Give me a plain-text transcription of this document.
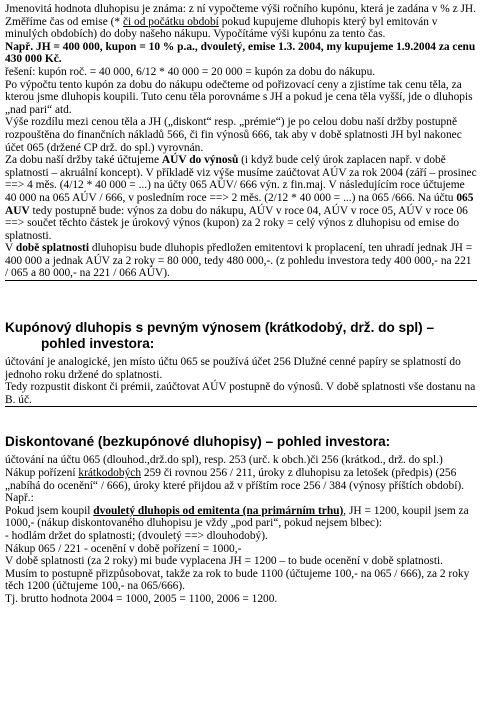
Jmenovitá hodnota dluhopisu je známa: z ní vypočteme výši ročního kupónu, která je zadána v % z JH. Změříme čas od emise (* či od počátku období pokud kupujeme dluhopis který byl emitován v minulých obdobích) do doby našeho nákupu. Vypočítáme výši kupónu za tento čas.

Např. JH = 400 000, kupon = 10 % p.a., dvouletý, emise 1.3. 2004, my kupujeme 1.9.2004 za cenu 430 000 Kč.

řešení: kupón roč. = 40 000, 6/12 * 40 000 = 20 000 = kupón za dobu do nákupu.

Po výpočtu tento kupón za dobu do nákupu odečteme od pořizovací ceny a zjistíme tak cenu těla, za kterou jsme dluhopis koupili. Tuto cenu těla porovnáme s JH a pokud je cena těla vyšší, jde o dluhopis „nad pari“ atd.

Výše rozdílu mezi cenou těla a JH („diskont“ resp. „prémie“) je po celou dobu naší držby postupně rozpouštěna do finančních nákladů 566, či fin výnosů 666, tak aby v době splatnosti JH byl nakonec účet 065 (držené CP drž. do spl.) vyrovnán.

Za dobu naší držby také účtujeme AÚV do výnosů (i když bude celý úrok zaplacen např. v době splatnosti – akruální koncept). V příkladě viz výše musíme zaúčtovat AÚV za rok 2004 (září – prosinec ==> 4 měs. (4/12 * 40 000 = ...) na účty 065 AÚV/ 666 výn. z fin.maj. V následujícím roce účtujeme 40 000 na 065 AÚV / 666, v posledním roce ==> 2 měs. (2/12 * 40 000 = ...) na 065 /666. Na účtu 065 AUV tedy postupně bude: výnos za dobu do nákupu, AÚV v roce 04, AÚV v roce 05, AÚV v roce 06 ==> součet těchto částek je úrokový výnos (kupon) za 2 roky = celý výnos z dluhopisu od emise do splatnosti.

V době splatnosti dluhopisu bude dluhopis předložen emitentovi k proplacení, ten uhradí jednak JH = 400 000 a jednak AÚV za 2 roky = 80 000, tedy 480 000,-. (z pohledu investora tedy 400 000,- na 221 / 065 a 80 000,- na 221 / 066 AÚV).

Kupónový dluhopis s pevným výnosem (krátkodobý, drž. do spl) –
pohled investora:

účtování je analogické, jen místo účtu 065 se používá účet 256 Dlužné cenné papíry se splatností do jednoho roku držené do splatnosti.

Tedy rozpustit diskont či prémii, zaúčtovat AÚV postupně do výnosů. V době splatnosti vše dostanu na B. úč.

Diskontované (bezkupónové dluhopisy) – pohled investora:

účtování na účtu 065 (dlouhod.,drž.do spl), resp. 253 (urč. k obch.)či 256 (krátkod., drž. do spl.)

Nákup pořízení krátkodobých 259 či rovnou 256 / 211, úroky z dluhopisu za letošek (předpis) (256 „nabíhá do ocenění“ / 666), úroky které přijdou až v příštím roce 256 / 384 (výnosy příštích období).

Např.:

Pokud jsem koupil dvouletý dluhopis od emitenta (na primárním trhu), JH = 1200, koupil jsem za 1000,- (nákup diskontovaného dluhopisu je vždy „pod pari“, pokud nejsem blbec):

- hodlám držet do splatnosti; (dvouletý ==> dlouhodobý).

Nákup 065 / 221 - ocenění v době pořízení = 1000,-

V době splatnosti (za 2 roky) mi bude vyplacena JH = 1200 – to bude ocenění v době splatnosti. Musím to postupně přizpůsobovat, takže za rok to bude 1100 (účtujeme 100,- na 065 / 666), za 2 roky těch 1200 (účtujeme 100,- na 065/666).

Tj. brutto hodnota 2004 = 1000, 2005 = 1100, 2006 = 1200.
